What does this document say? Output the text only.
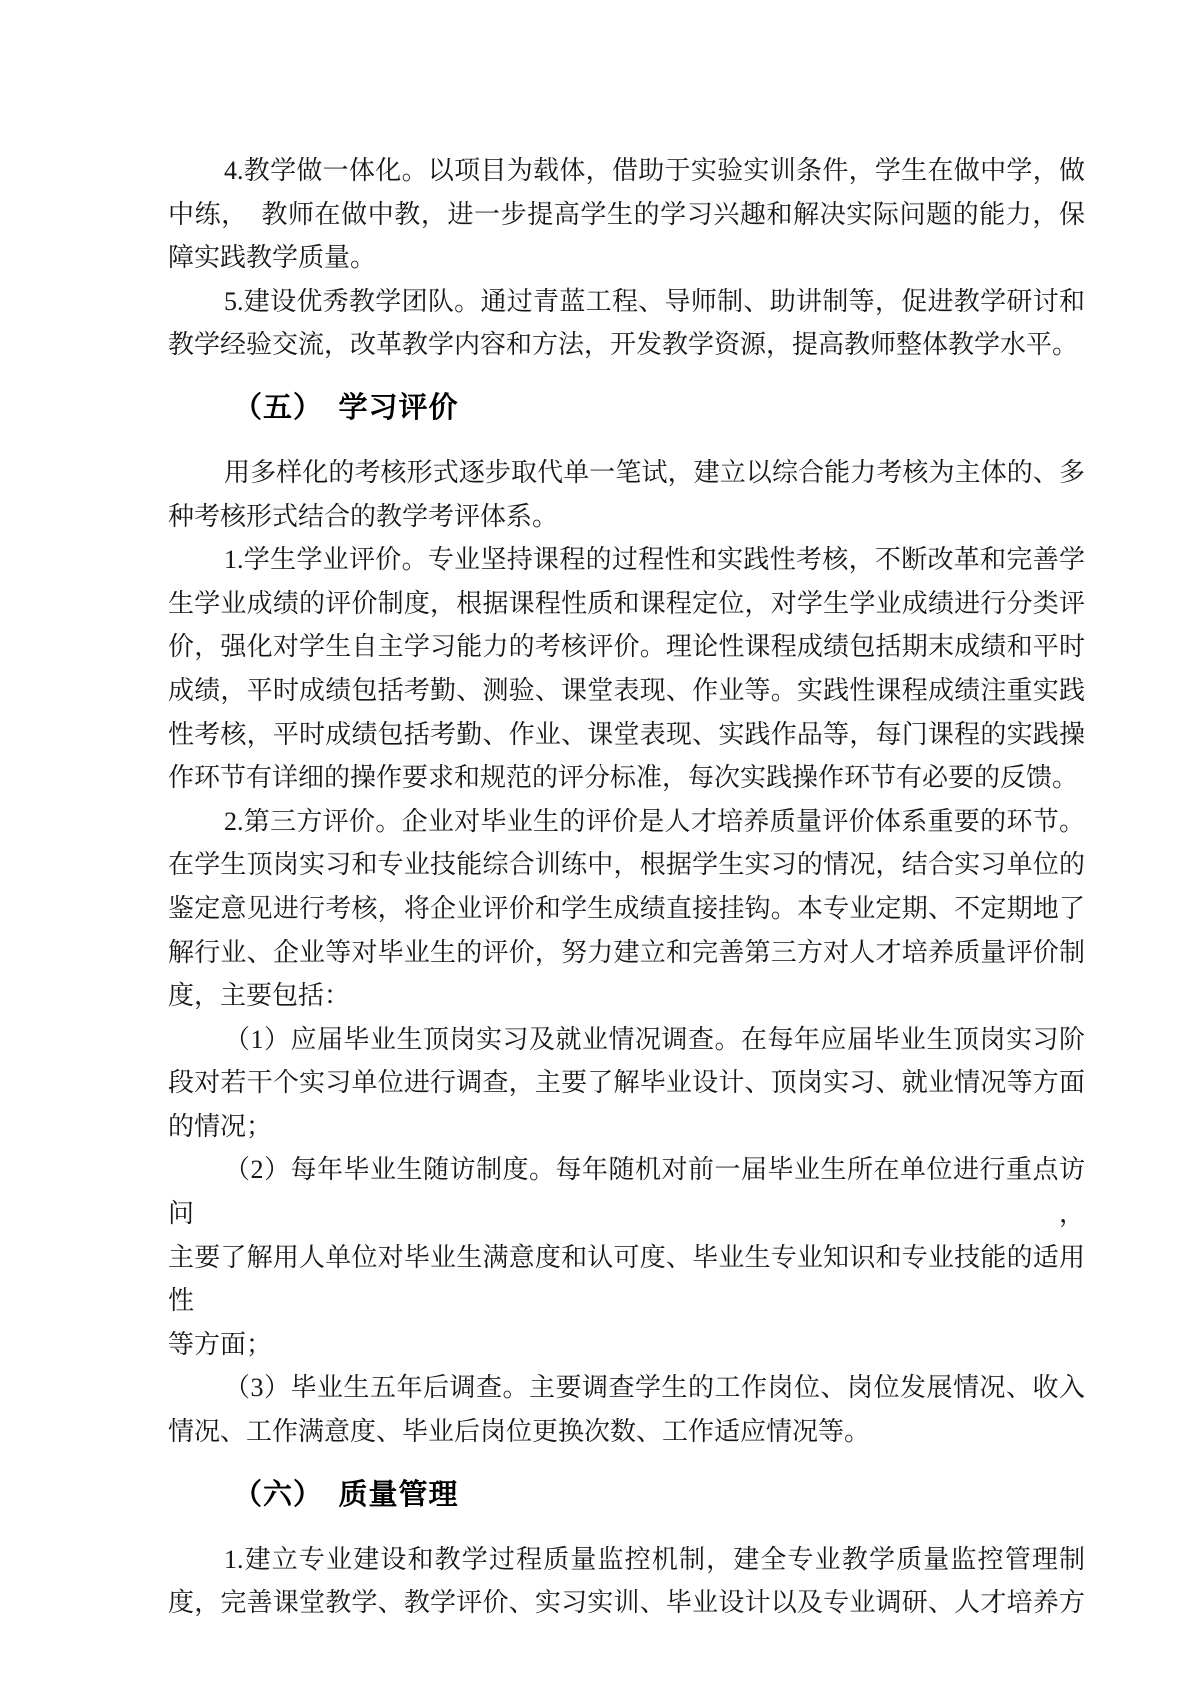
4.教学做一体化。以项目为载体，借助于实验实训条件，学生在做中学，做
中练，　教师在做中教，进一步提高学生的学习兴趣和解决实际问题的能力，保
障实践教学质量。

5.建设优秀教学团队。通过青蓝工程、导师制、助讲制等，促进教学研讨和
教学经验交流，改革教学内容和方法，开发教学资源，提高教师整体教学水平。

（五）　学习评价

用多样化的考核形式逐步取代单一笔试，建立以综合能力考核为主体的、多
种考核形式结合的教学考评体系。

1.学生学业评价。专业坚持课程的过程性和实践性考核，不断改革和完善学
生学业成绩的评价制度，根据课程性质和课程定位，对学生学业成绩进行分类评
价，强化对学生自主学习能力的考核评价。理论性课程成绩包括期末成绩和平时
成绩，平时成绩包括考勤、测验、课堂表现、作业等。实践性课程成绩注重实践
性考核，平时成绩包括考勤、作业、课堂表现、实践作品等，每门课程的实践操
作环节有详细的操作要求和规范的评分标准，每次实践操作环节有必要的反馈。

2.第三方评价。企业对毕业生的评价是人才培养质量评价体系重要的环节。
在学生顶岗实习和专业技能综合训练中，根据学生实习的情况，结合实习单位的
鉴定意见进行考核，将企业评价和学生成绩直接挂钩。本专业定期、不定期地了
解行业、企业等对毕业生的评价，努力建立和完善第三方对人才培养质量评价制
度，主要包括：

（1）应届毕业生顶岗实习及就业情况调查。在每年应届毕业生顶岗实习阶
段对若干个实习单位进行调查，主要了解毕业设计、顶岗实习、就业情况等方面
的情况；

（2）每年毕业生随访制度。每年随机对前一届毕业生所在单位进行重点访问，
主要了解用人单位对毕业生满意度和认可度、毕业生专业知识和专业技能的适用性
等方面；

（3）毕业生五年后调查。主要调查学生的工作岗位、岗位发展情况、收入
情况、工作满意度、毕业后岗位更换次数、工作适应情况等。

（六）　质量管理

1.建立专业建设和教学过程质量监控机制，建全专业教学质量监控管理制
度，完善课堂教学、教学评价、实习实训、毕业设计以及专业调研、人才培养方
